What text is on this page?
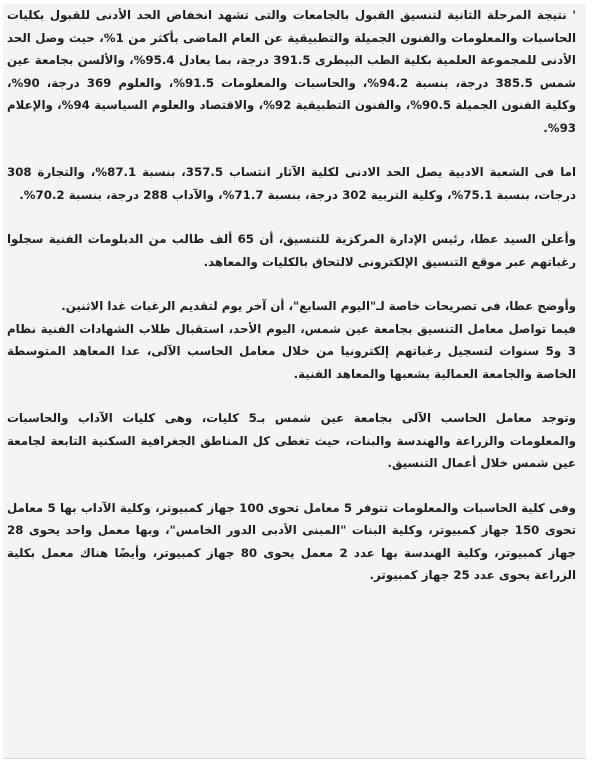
' نتيجة المرحلة الثانية لتنسيق القبول بالجامعات والتى تشهد انخفاض الحد الأدنى للقبول بكليات الحاسبات والمعلومات والفنون الجميلة والتطبيقية عن العام الماضى بأكثر من 1%، حيث وصل الحد الأدنى للمجموعة العلمية بكلية الطب البيطرى 391.5 درجة، بما يعادل 95.4%، والألسن بجامعة عين شمس 385.5 درجة، بنسبة 94.2%، والحاسبات والمعلومات 91.5%، والعلوم 369 درجة، 90%، وكلية الفنون الجميلة 90.5%، والفنون التطبيقية 92%، والاقتصاد والعلوم السياسية 94%، والإعلام 93%.

اما فى الشعبة الادبية يصل الحد الادنى لكلية الآثار انتساب 357.5، بنسبة 87.1%، والتجارة 308 درجات، بنسبة 75.1%، وكلية التربية 302 درجة، بنسبة 71.7%، والآداب 288 درجة، بنسبة 70.2%.

وأعلن السيد عطا، رئيس الإدارة المركزية للتنسيق، أن 65 ألف طالب من الدبلومات الفنية سجلوا رغباتهم عبر موقع التنسيق الإلكترونى لالتحاق بالكليات والمعاهد.

وأوضح عطا، فى تصريحات خاصة لـ"اليوم السابع"، أن آخر يوم لتقديم الرغبات غدا الاثنين.

فيما تواصل معامل التنسيق بجامعة عين شمس، اليوم الأحد، استقبال طلاب الشهادات الفنية نظام 3 و5 سنوات لتسجيل رغباتهم إلكترونيا من خلال معامل الحاسب الآلى، عدا المعاهد المتوسطة الخاصة والجامعة العمالية بشعبها والمعاهد الفنية.

وتوجد معامل الحاسب الآلى بجامعة عين شمس بـ5 كليات، وهى كليات الآداب والحاسبات والمعلومات والزراعة والهندسة والبنات، حيث تغطى كل المناطق الجغرافية السكنية التابعة لجامعة عين شمس خلال أعمال التنسيق.

وفى كلية الحاسبات والمعلومات تتوفر 5 معامل تحوى 100 جهاز كمبيوتر، وكلية الآداب بها 5 معامل تحوى 150 جهاز كمبيوتر، وكلية البنات "المبنى الأدبى الدور الخامس"، وبها معمل واحد يحوى 28 جهاز كمبيوتر، وكلية الهندسة بها عدد 2 معمل يحوى 80 جهاز كمبيوتر، وأيضًا هناك معمل بكلية الزراعة يحوى عدد 25 جهاز كمبيوتر.
